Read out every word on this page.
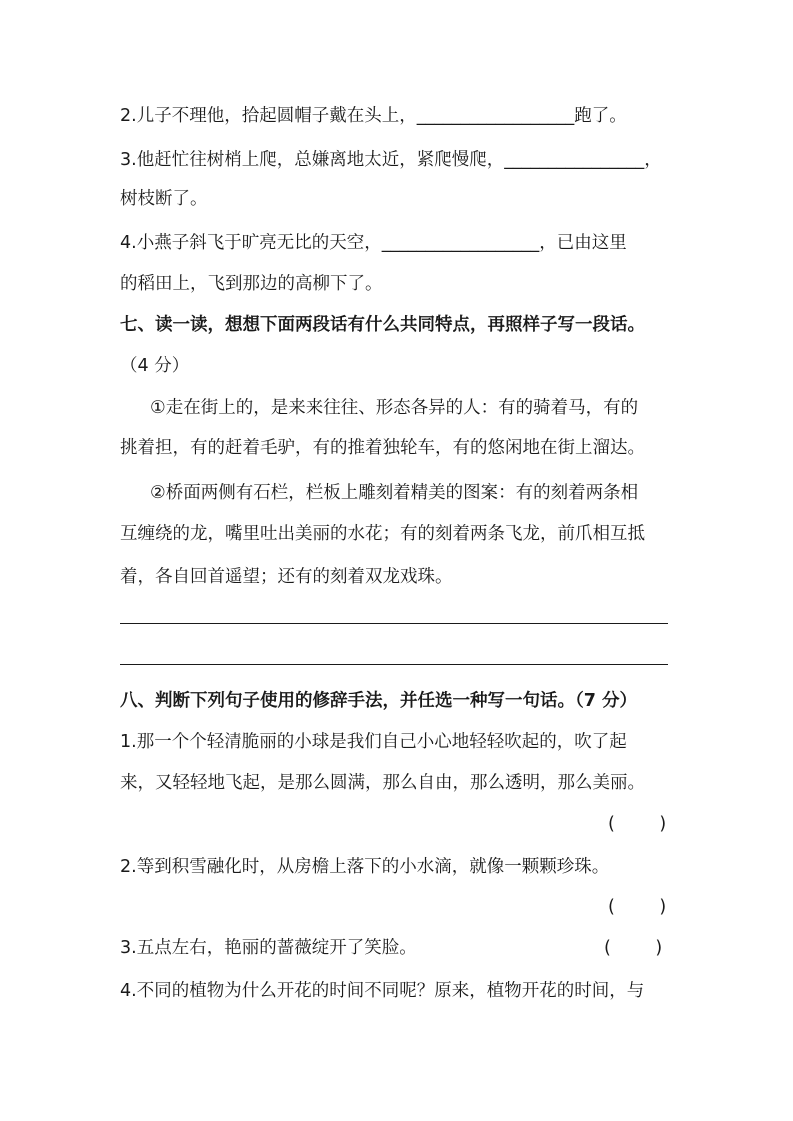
2.儿子不理他，拾起圆帽子戴在头上，__________________跑了。
3.他赶忙往树梢上爬，总嫌离地太近，紧爬慢爬，________________，
树枝断了。
4.小燕子斜飞于旷亮无比的天空，__________________，已由这里
的稻田上，飞到那边的高柳下了。
七、读一读，想想下面两段话有什么共同特点，再照样子写一段话。
（4 分）
①走在街上的，是来来往往、形态各异的人：有的骑着马，有的
挑着担，有的赶着毛驴，有的推着独轮车，有的悠闲地在街上溜达。
②桥面两侧有石栏，栏板上雕刻着精美的图案：有的刻着两条相
互缠绕的龙，嘴里吐出美丽的水花；有的刻着两条飞龙，前爪相互抵
着，各自回首遥望；还有的刻着双龙戏珠。
八、判断下列句子使用的修辞手法，并任选一种写一句话。（7 分）
1.那一个个轻清脆丽的小球是我们自己小心地轻轻吹起的，吹了起
来，又轻轻地飞起，是那么圆满，那么自由，那么透明，那么美丽。
(        )
2.等到积雪融化时，从房檐上落下的小水滴，就像一颗颗珍珠。
(        )
3.五点左右，艳丽的蔷薇绽开了笑脸。	(        )
4.不同的植物为什么开花的时间不同呢？原来，植物开花的时间，与
